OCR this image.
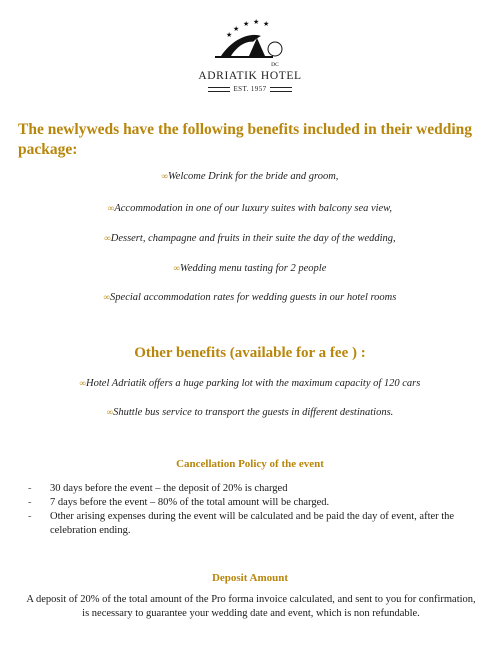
★
★ ★ ★
★
DC
ADRIATIK HOTEL
EST. 1957
The newlyweds have the following benefits included in their wedding package:
∞Welcome Drink for the bride and groom,
∞Accommodation in one of our luxury suites with balcony sea view,
∞Dessert, champagne and fruits in their suite the day of the wedding,
∞Wedding menu tasting for 2 people
∞Special accommodation rates for wedding guests in our hotel rooms
Other benefits (available for a fee ) :
∞Hotel Adriatik offers a huge parking lot with the maximum capacity of 120 cars
∞Shuttle bus service to transport the guests in different destinations.
Cancellation Policy of the event
-	30 days before the event – the deposit of 20% is charged
-	7 days before the event – 80% of the total amount will be charged.
-	Other arising expenses during the event will be calculated and be paid the day of event, after the celebration ending.
Deposit Amount
A deposit of 20% of the total amount of the Pro forma invoice calculated, and sent to you for confirmation, is necessary to guarantee your wedding date and event, which is non refundable.
